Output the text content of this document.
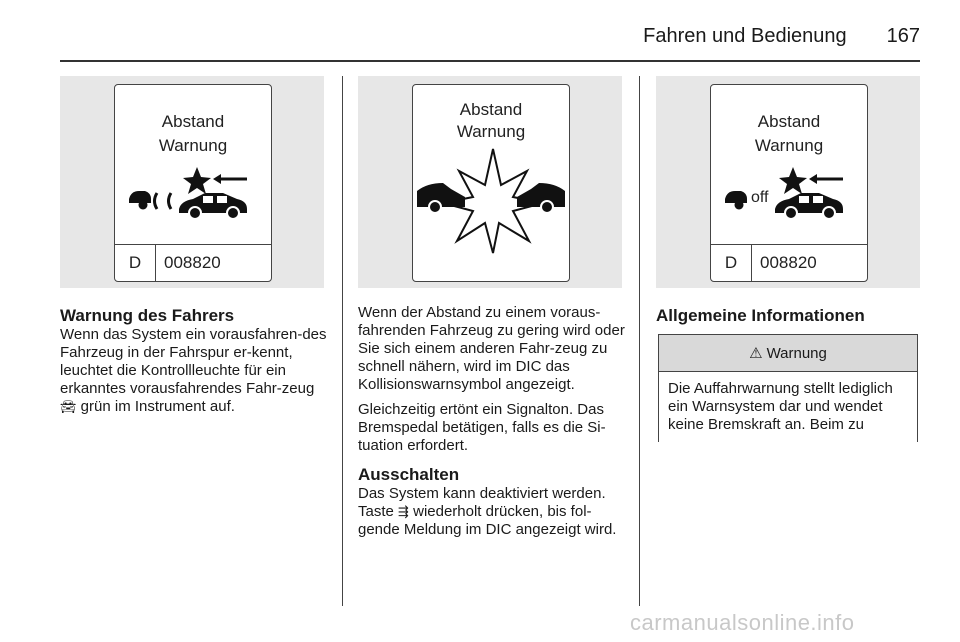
Fahren und Bedienung 167
Abstand
Warnung
D	008820
Abstand
Warnung
Abstand
Warnung
off
D	008820
Warnung des Fahrers

Wenn das System ein vorausfahren-des Fahrzeug in der Fahrspur er-kennt, leuchtet die Kontrollleuchte für ein erkanntes vorausfahrendes Fahr-zeug 🚘︎ grün im Instrument auf.

Wenn der Abstand zu einem voraus-fahrenden Fahrzeug zu gering wird oder Sie sich einem anderen Fahr-zeug zu schnell nähern, wird im DIC das Kollisionswarnsymbol angezeigt.

Gleichzeitig ertönt ein Signalton. Das Bremspedal betätigen, falls es die Si-tuation erfordert.

Ausschalten

Das System kann deaktiviert werden. Taste ⇶ wiederholt drücken, bis fol-gende Meldung im DIC angezeigt wird.

Allgemeine Informationen
⚠ Warnung
Die Auffahrwarnung stellt lediglich ein Warnsystem dar und wendet keine Bremskraft an. Beim zu
carmanualsonline.info
